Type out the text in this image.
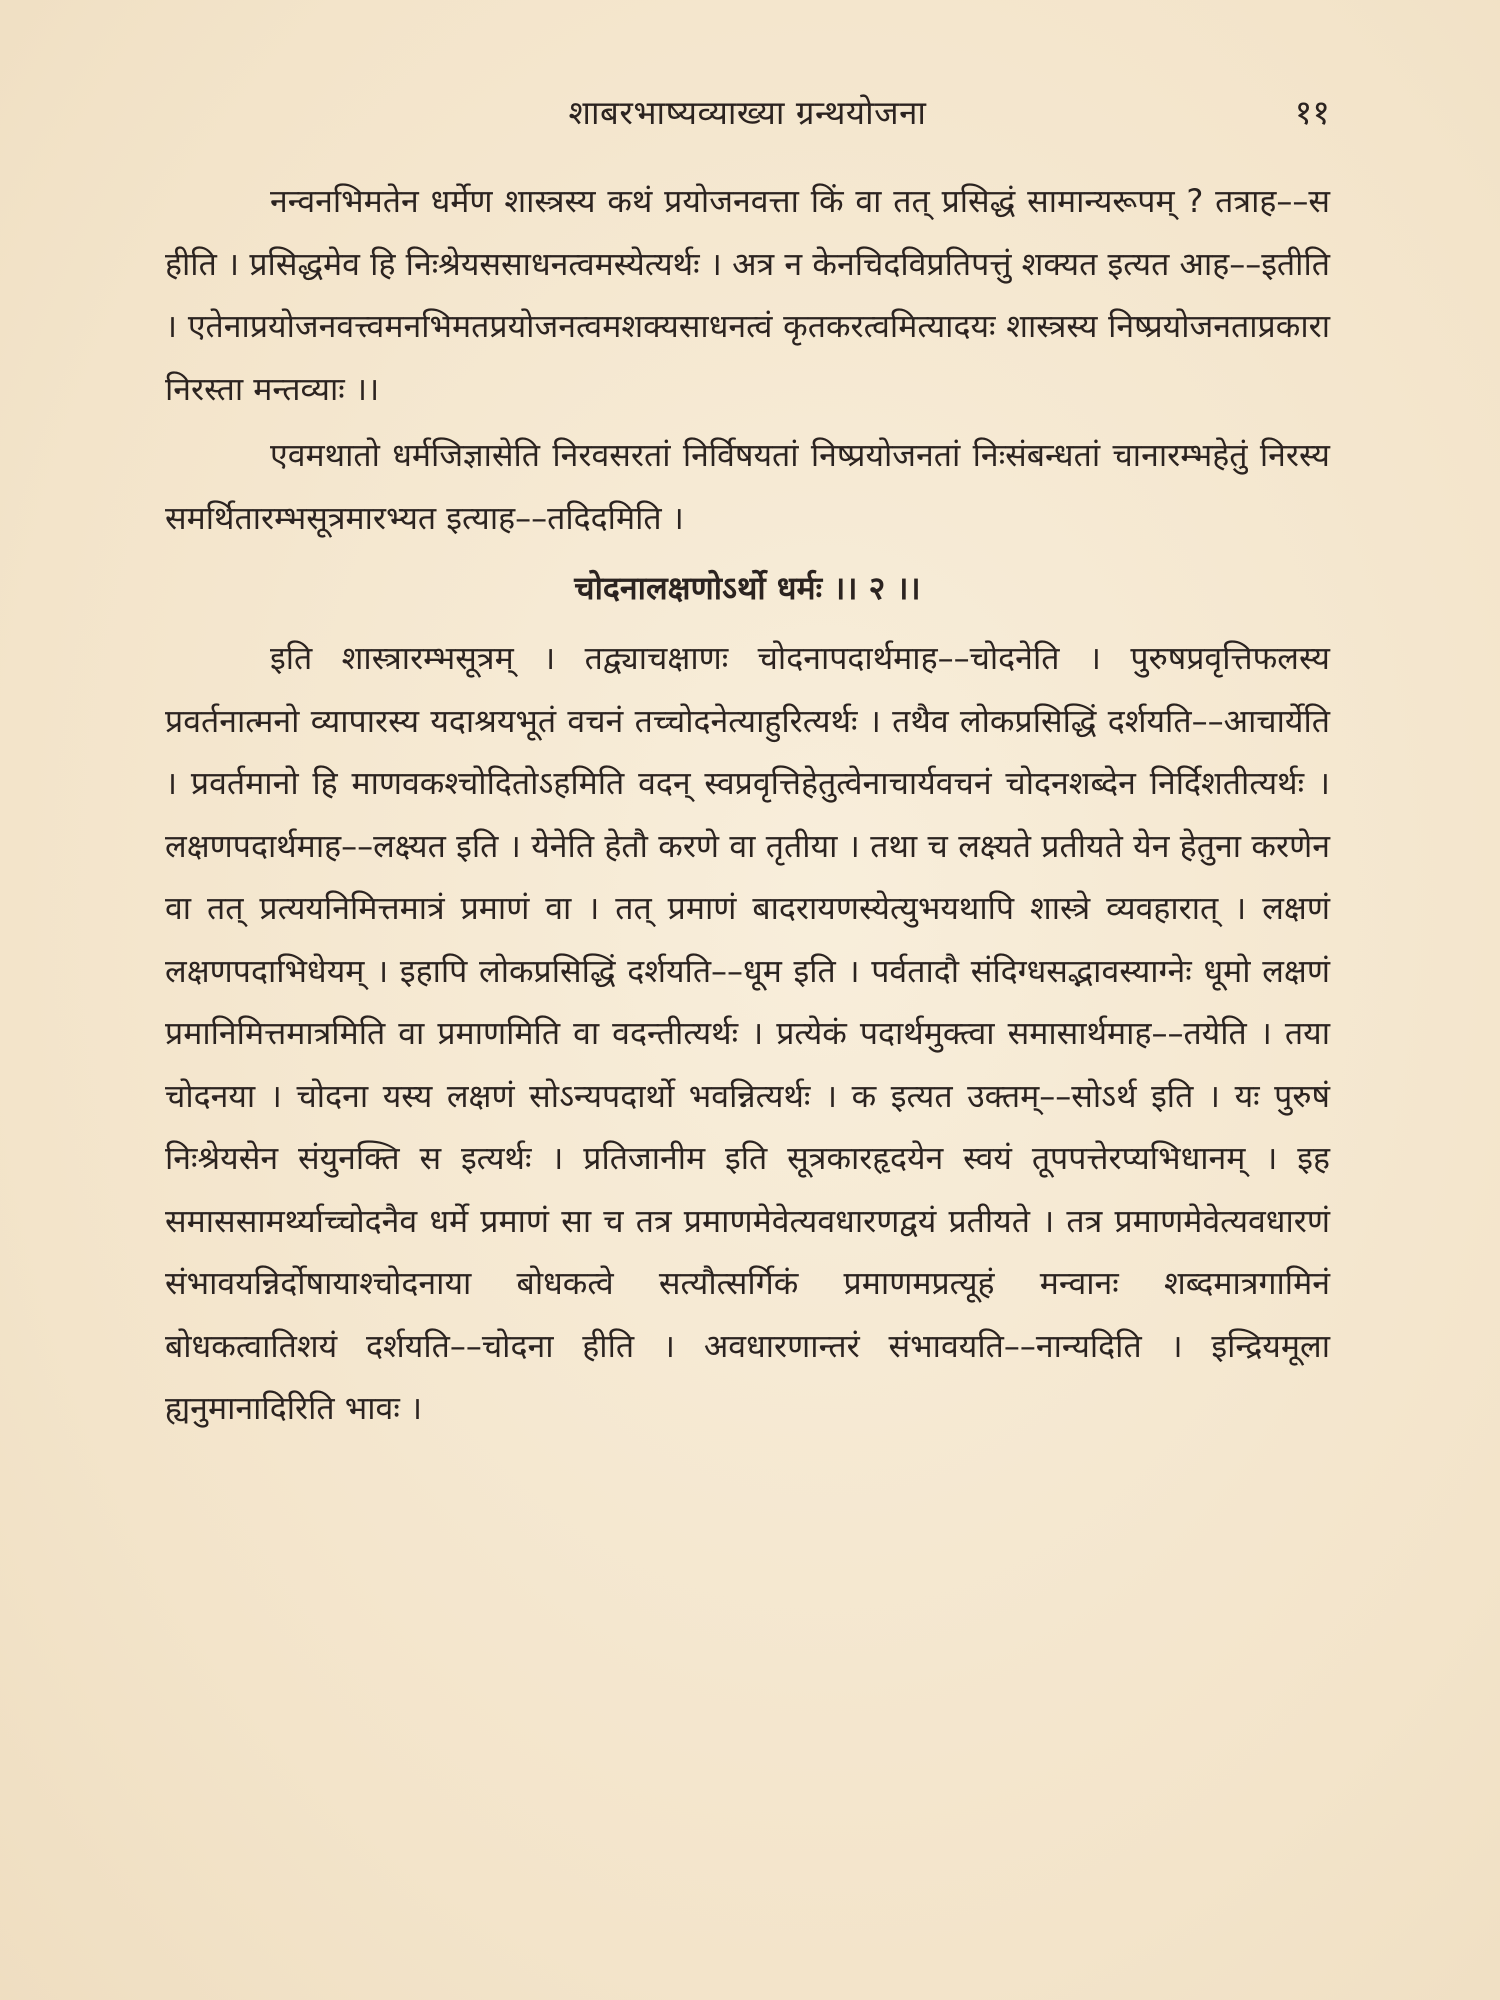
शाबरभाष्यव्याख्या ग्रन्थयोजना	११

नन्वनभिमतेन धर्मेण शास्त्रस्य कथं प्रयोजनवत्ता किं वा तत् प्रसिद्धं सामान्यरूपम् ? तत्राह––स हीति । प्रसिद्धमेव हि निःश्रेयससाधनत्वमस्येत्यर्थः । अत्र न केनचिदविप्रतिपत्तुं शक्यत इत्यत आह––इतीति । एतेनाप्रयोजनवत्त्वमनभिमतप्रयोजनत्वमशक्यसाधनत्वं कृतकरत्वमित्यादयः शास्त्रस्य निष्प्रयोजनताप्रकारा निरस्ता मन्तव्याः ।।

एवमथातो धर्मजिज्ञासेति निरवसरतां निर्विषयतां निष्प्रयोजनतां निःसंबन्धतां चानारम्भहेतुं निरस्य समर्थितारम्भसूत्रमारभ्यत इत्याह––तदिदमिति ।

चोदनालक्षणोऽर्थो धर्मः ।। २ ।।

इति शास्त्रारम्भसूत्रम् । तद्व्याचक्षाणः चोदनापदार्थमाह––चोदनेति । पुरुषप्रवृत्तिफलस्य प्रवर्तनात्मनो व्यापारस्य यदाश्रयभूतं वचनं तच्चोदनेत्याहुरित्यर्थः । तथैव लोकप्रसिद्धिं दर्शयति––आचार्येति । प्रवर्तमानो हि माणवकश्चोदितोऽहमिति वदन् स्वप्रवृत्तिहेतुत्वेनाचार्यवचनं चोदनशब्देन निर्दिशतीत्यर्थः । लक्षणपदार्थमाह––लक्ष्यत इति । येनेति हेतौ करणे वा तृतीया । तथा च लक्ष्यते प्रतीयते येन हेतुना करणेन वा तत् प्रत्ययनिमित्तमात्रं प्रमाणं वा । तत् प्रमाणं बादरायणस्येत्युभयथापि शास्त्रे व्यवहारात् । लक्षणं लक्षणपदाभिधेयम् । इहापि लोकप्रसिद्धिं दर्शयति––धूम इति । पर्वतादौ संदिग्धसद्भावस्याग्नेः धूमो लक्षणं प्रमानिमित्तमात्रमिति वा प्रमाणमिति वा वदन्तीत्यर्थः । प्रत्येकं पदार्थमुक्त्वा समासार्थमाह––तयेति । तया चोदनया । चोदना यस्य लक्षणं सोऽन्यपदार्थो भवन्नित्यर्थः । क इत्यत उक्तम्––सोऽर्थ इति । यः पुरुषं निःश्रेयसेन संयुनक्ति स इत्यर्थः । प्रतिजानीम इति सूत्रकारहृदयेन स्वयं तूपपत्तेरप्यभिधानम् । इह समाससामर्थ्याच्चोदनैव धर्मे प्रमाणं सा च तत्र प्रमाणमेवेत्यवधारणद्वयं प्रतीयते । तत्र प्रमाणमेवेत्यवधारणं संभावयन्निर्दोषायाश्चोदनाया बोधकत्वे सत्यौत्सर्गिकं प्रमाणमप्रत्यूहं मन्वानः शब्दमात्रगामिनं बोधकत्वातिशयं दर्शयति––चोदना हीति । अवधारणान्तरं संभावयति––नान्यदिति । इन्द्रियमूला ह्यनुमानादिरिति भावः ।
